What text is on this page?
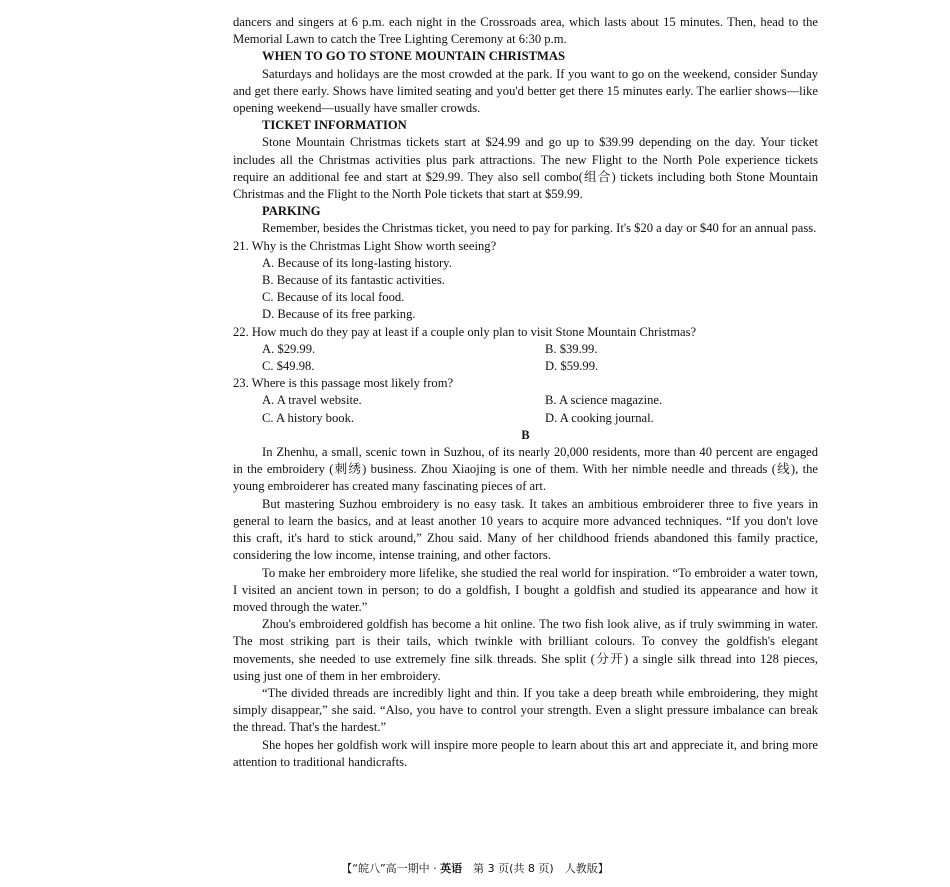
dancers and singers at 6 p.m. each night in the Crossroads area, which lasts about 15 minutes. Then, head to the Memorial Lawn to catch the Tree Lighting Ceremony at 6:30 p.m.

WHEN TO GO TO STONE MOUNTAIN CHRISTMAS

Saturdays and holidays are the most crowded at the park. If you want to go on the weekend, consider Sunday and get there early. Shows have limited seating and you'd better get there 15 minutes early. The earlier shows—like opening weekend—usually have smaller crowds.

TICKET INFORMATION

Stone Mountain Christmas tickets start at $24.99 and go up to $39.99 depending on the day. Your ticket includes all the Christmas activities plus park attractions. The new Flight to the North Pole experience tickets require an additional fee and start at $29.99. They also sell combo(组合) tickets including both Stone Mountain Christmas and the Flight to the North Pole tickets that start at $59.99.

PARKING

Remember, besides the Christmas ticket, you need to pay for parking. It's $20 a day or $40 for an annual pass.

21. Why is the Christmas Light Show worth seeing?

A. Because of its long-lasting history.

B. Because of its fantastic activities.

C. Because of its local food.

D. Because of its free parking.

22. How much do they pay at least if a couple only plan to visit Stone Mountain Christmas?

A. $29.99.	B. $39.99.

C. $49.98.	D. $59.99.

23. Where is this passage most likely from?

A. A travel website.	B. A science magazine.

C. A history book.	D. A cooking journal.

B

In Zhenhu, a small, scenic town in Suzhou, of its nearly 20,000 residents, more than 40 percent are engaged in the embroidery (刺绣) business. Zhou Xiaojing is one of them. With her nimble needle and threads (线), the young embroiderer has created many fascinating pieces of art.

But mastering Suzhou embroidery is no easy task. It takes an ambitious embroiderer three to five years in general to learn the basics, and at least another 10 years to acquire more advanced techniques. “If you don't love this craft, it's hard to stick around,” Zhou said. Many of her childhood friends abandoned this family practice, considering the low income, intense training, and other factors.

To make her embroidery more lifelike, she studied the real world for inspiration. “To embroider a water town, I visited an ancient town in person; to do a goldfish, I bought a goldfish and studied its appearance and how it moved through the water.”

Zhou's embroidered goldfish has become a hit online. The two fish look alive, as if truly swimming in water. The most striking part is their tails, which twinkle with brilliant colours. To convey the goldfish's elegant movements, she needed to use extremely fine silk threads. She split (分开) a single silk thread into 128 pieces, using just one of them in her embroidery.

“The divided threads are incredibly light and thin. If you take a deep breath while embroidering, they might simply disappear,” she said. “Also, you have to control your strength. Even a slight pressure imbalance can break the thread. That's the hardest.”

She hopes her goldfish work will inspire more people to learn about this art and appreciate it, and bring more attention to traditional handicrafts.

【“皖八”高一期中 · 英语　第 3 页(共 8 页)　人教版】
